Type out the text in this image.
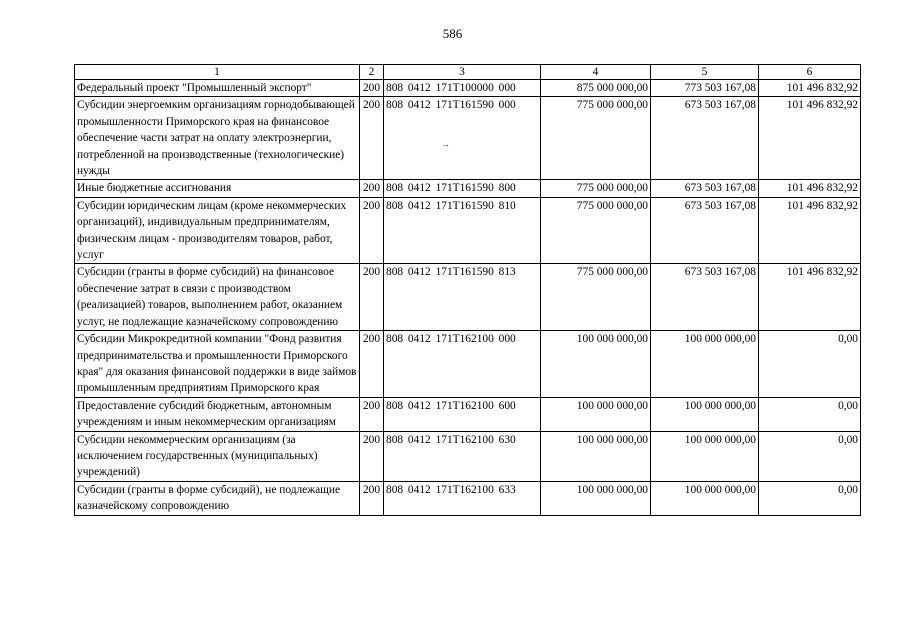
586
1	2	3	4	5	6
Федеральный проект "Промышленный экспорт"	200	808 0412 171T100000 000	875 000 000,00	773 503 167,08	101 496 832,92
Субсидии энергоемким организациям горнодобывающей промышленности Приморского края на финансовое обеспечение части затрат на оплату электроэнергии, потребленной на производственные (технологические) нужды	200	808 0412 171T161590 000	775 000 000,00	673 503 167,08	101 496 832,92
Иные бюджетные ассигнования	200	808 0412 171T161590 800	775 000 000,00	673 503 167,08	101 496 832,92
Субсидии юридическим лицам (кроме некоммерческих организаций), индивидуальным предпринимателям, физическим лицам - производителям товаров, работ, услуг	200	808 0412 171T161590 810	775 000 000,00	673 503 167,08	101 496 832,92
Субсидии (гранты в форме субсидий) на финансовое обеспечение затрат в связи с производством (реализацией) товаров, выполнением работ, оказанием услуг, не подлежащие казначейскому сопровождению	200	808 0412 171T161590 813	775 000 000,00	673 503 167,08	101 496 832,92
Субсидии Микрокредитной компании "Фонд развития предпринимательства и промышленности Приморского края" для оказания финансовой поддержки в виде займов промышленным предприятиям Приморского края	200	808 0412 171T162100 000	100 000 000,00	100 000 000,00	0,00
Предоставление субсидий бюджетным, автономным учреждениям и иным некоммерческим организациям	200	808 0412 171T162100 600	100 000 000,00	100 000 000,00	0,00
Субсидии некоммерческим организациям (за исключением государственных (муниципальных) учреждений)	200	808 0412 171T162100 630	100 000 000,00	100 000 000,00	0,00
Субсидии (гранты в форме субсидий), не подлежащие казначейскому сопровождению	200	808 0412 171T162100 633	100 000 000,00	100 000 000,00	0,00
→
